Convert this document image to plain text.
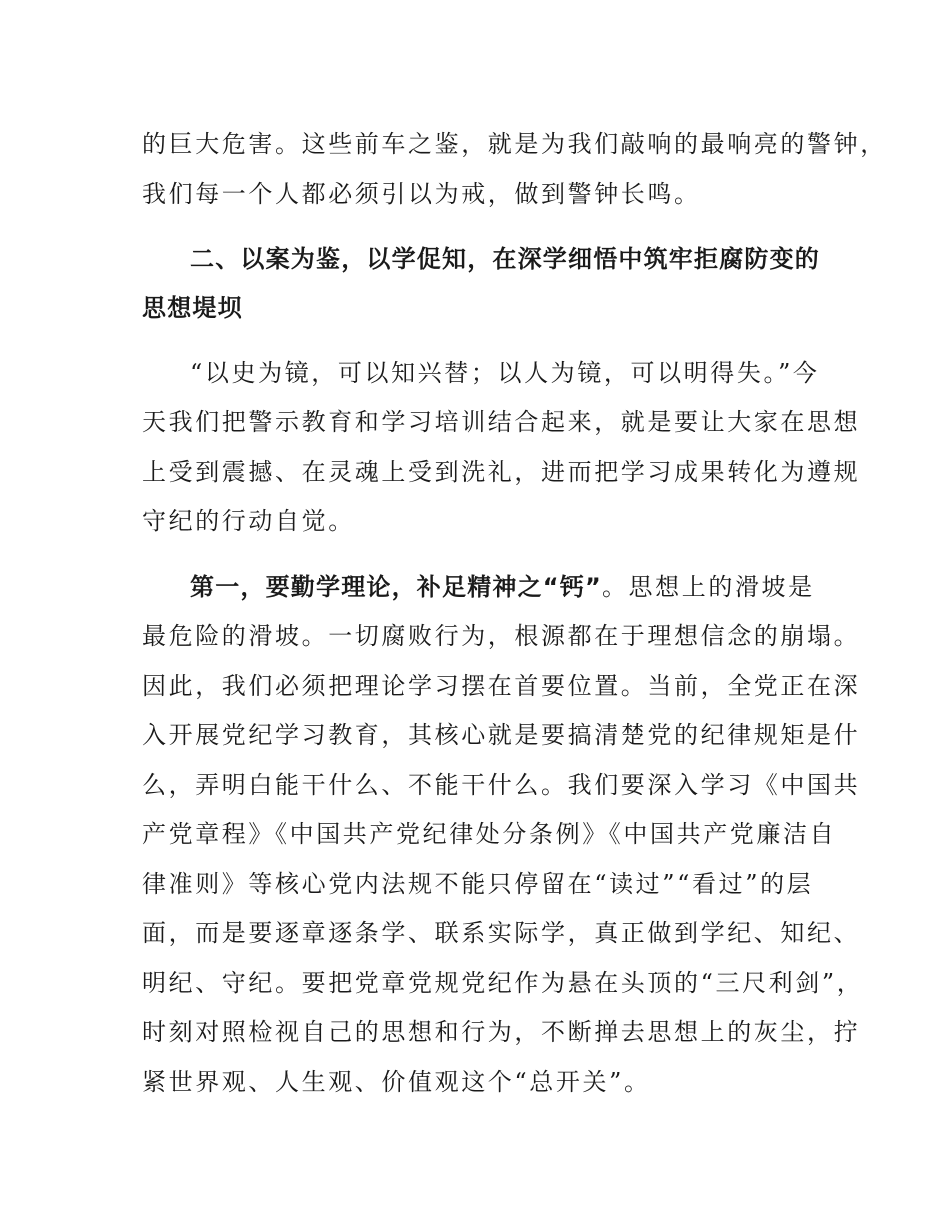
的巨大危害。这些前车之鉴，就是为我们敲响的最响亮的警钟，
我们每一个人都必须引以为戒，做到警钟长鸣。
二、以案为鉴，以学促知，在深学细悟中筑牢拒腐防变的
思想堤坝
“以史为镜，可以知兴替；以人为镜，可以明得失。”今
天我们把警示教育和学习培训结合起来，就是要让大家在思想
上受到震撼、在灵魂上受到洗礼，进而把学习成果转化为遵规
守纪的行动自觉。
第一，要勤学理论，补足精神之“钙”。思想上的滑坡是
最危险的滑坡。一切腐败行为，根源都在于理想信念的崩塌。
因此，我们必须把理论学习摆在首要位置。当前，全党正在深
入开展党纪学习教育，其核心就是要搞清楚党的纪律规矩是什
么，弄明白能干什么、不能干什么。我们要深入学习《中国共
产党章程》《中国共产党纪律处分条例》《中国共产党廉洁自
律准则》等核心党内法规不能只停留在“读过”“看过”的层
面，而是要逐章逐条学、联系实际学，真正做到学纪、知纪、
明纪、守纪。要把党章党规党纪作为悬在头顶的“三尺利剑”，
时刻对照检视自己的思想和行为，不断掸去思想上的灰尘，拧
紧世界观、人生观、价值观这个“总开关”。
